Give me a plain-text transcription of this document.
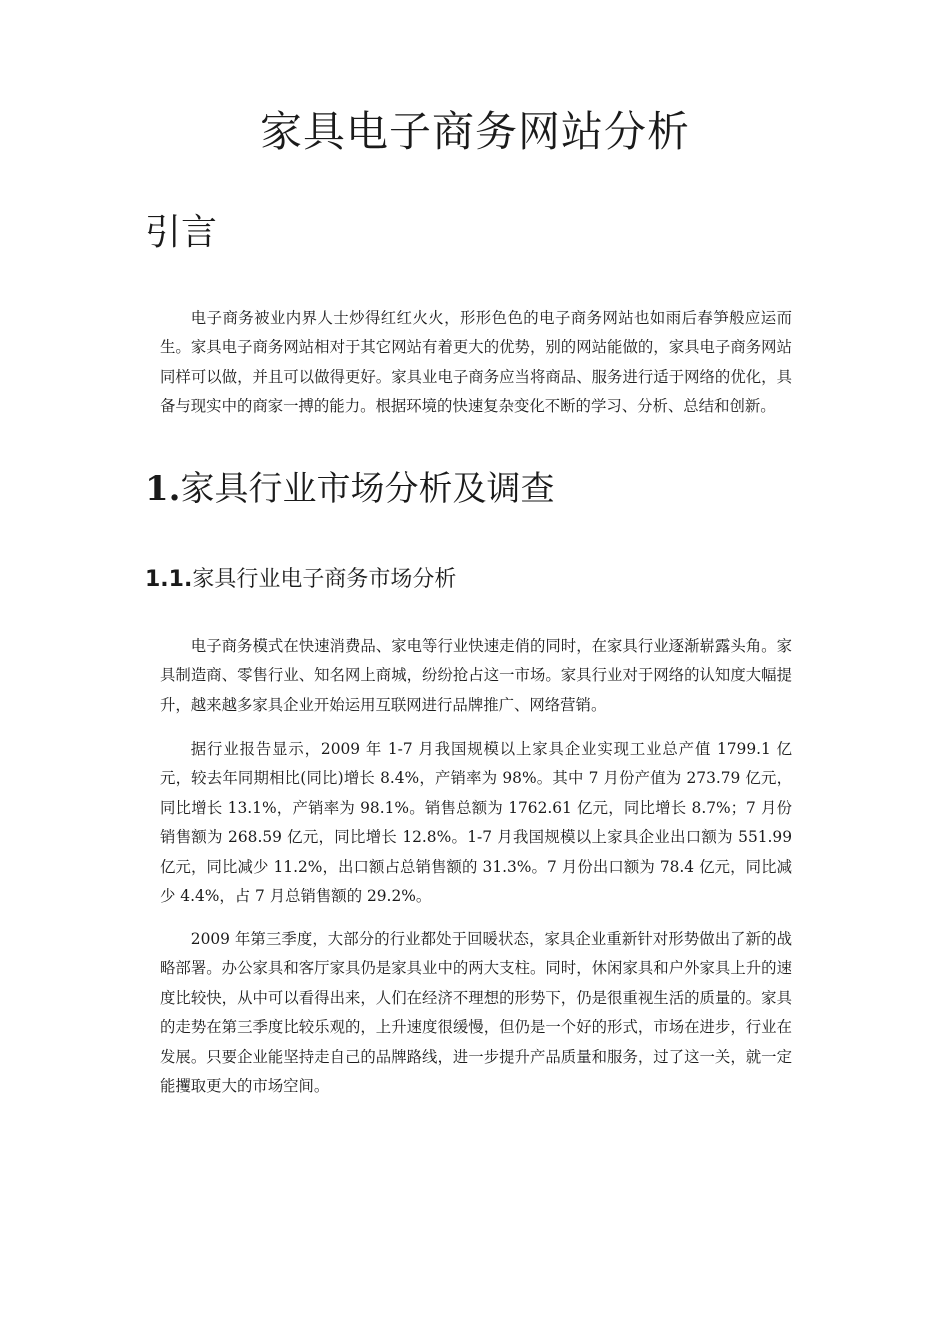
家具电子商务网站分析
引言

电子商务被业内界人士炒得红红火火，形形色色的电子商务网站也如雨后春笋般应运而生。家具电子商务网站相对于其它网站有着更大的优势，别的网站能做的，家具电子商务网站同样可以做，并且可以做得更好。家具业电子商务应当将商品、服务进行适于网络的优化，具备与现实中的商家一搏的能力。根据环境的快速复杂变化不断的学习、分析、总结和创新。

1.家具行业市场分析及调查
1.1.家具行业电子商务市场分析

电子商务模式在快速消费品、家电等行业快速走俏的同时，在家具行业逐渐崭露头角。家具制造商、零售行业、知名网上商城，纷纷抢占这一市场。家具行业对于网络的认知度大幅提升，越来越多家具企业开始运用互联网进行品牌推广、网络营销。

据行业报告显示，2009 年 1-7 月我国规模以上家具企业实现工业总产值 1799.1 亿元，较去年同期相比(同比)增长 8.4%，产销率为 98%。其中 7 月份产值为 273.79 亿元，同比增长 13.1%，产销率为 98.1%。销售总额为 1762.61 亿元，同比增长 8.7%；7 月份销售额为 268.59 亿元，同比增长 12.8%。1-7 月我国规模以上家具企业出口额为 551.99 亿元，同比减少 11.2%，出口额占总销售额的 31.3%。7 月份出口额为 78.4 亿元，同比减少 4.4%，占 7 月总销售额的 29.2%。

2009 年第三季度，大部分的行业都处于回暖状态，家具企业重新针对形势做出了新的战略部署。办公家具和客厅家具仍是家具业中的两大支柱。同时，休闲家具和户外家具上升的速度比较快，从中可以看得出来，人们在经济不理想的形势下，仍是很重视生活的质量的。家具的走势在第三季度比较乐观的，上升速度很缓慢，但仍是一个好的形式，市场在进步，行业在发展。只要企业能坚持走自己的品牌路线，进一步提升产品质量和服务，过了这一关，就一定能攫取更大的市场空间。
